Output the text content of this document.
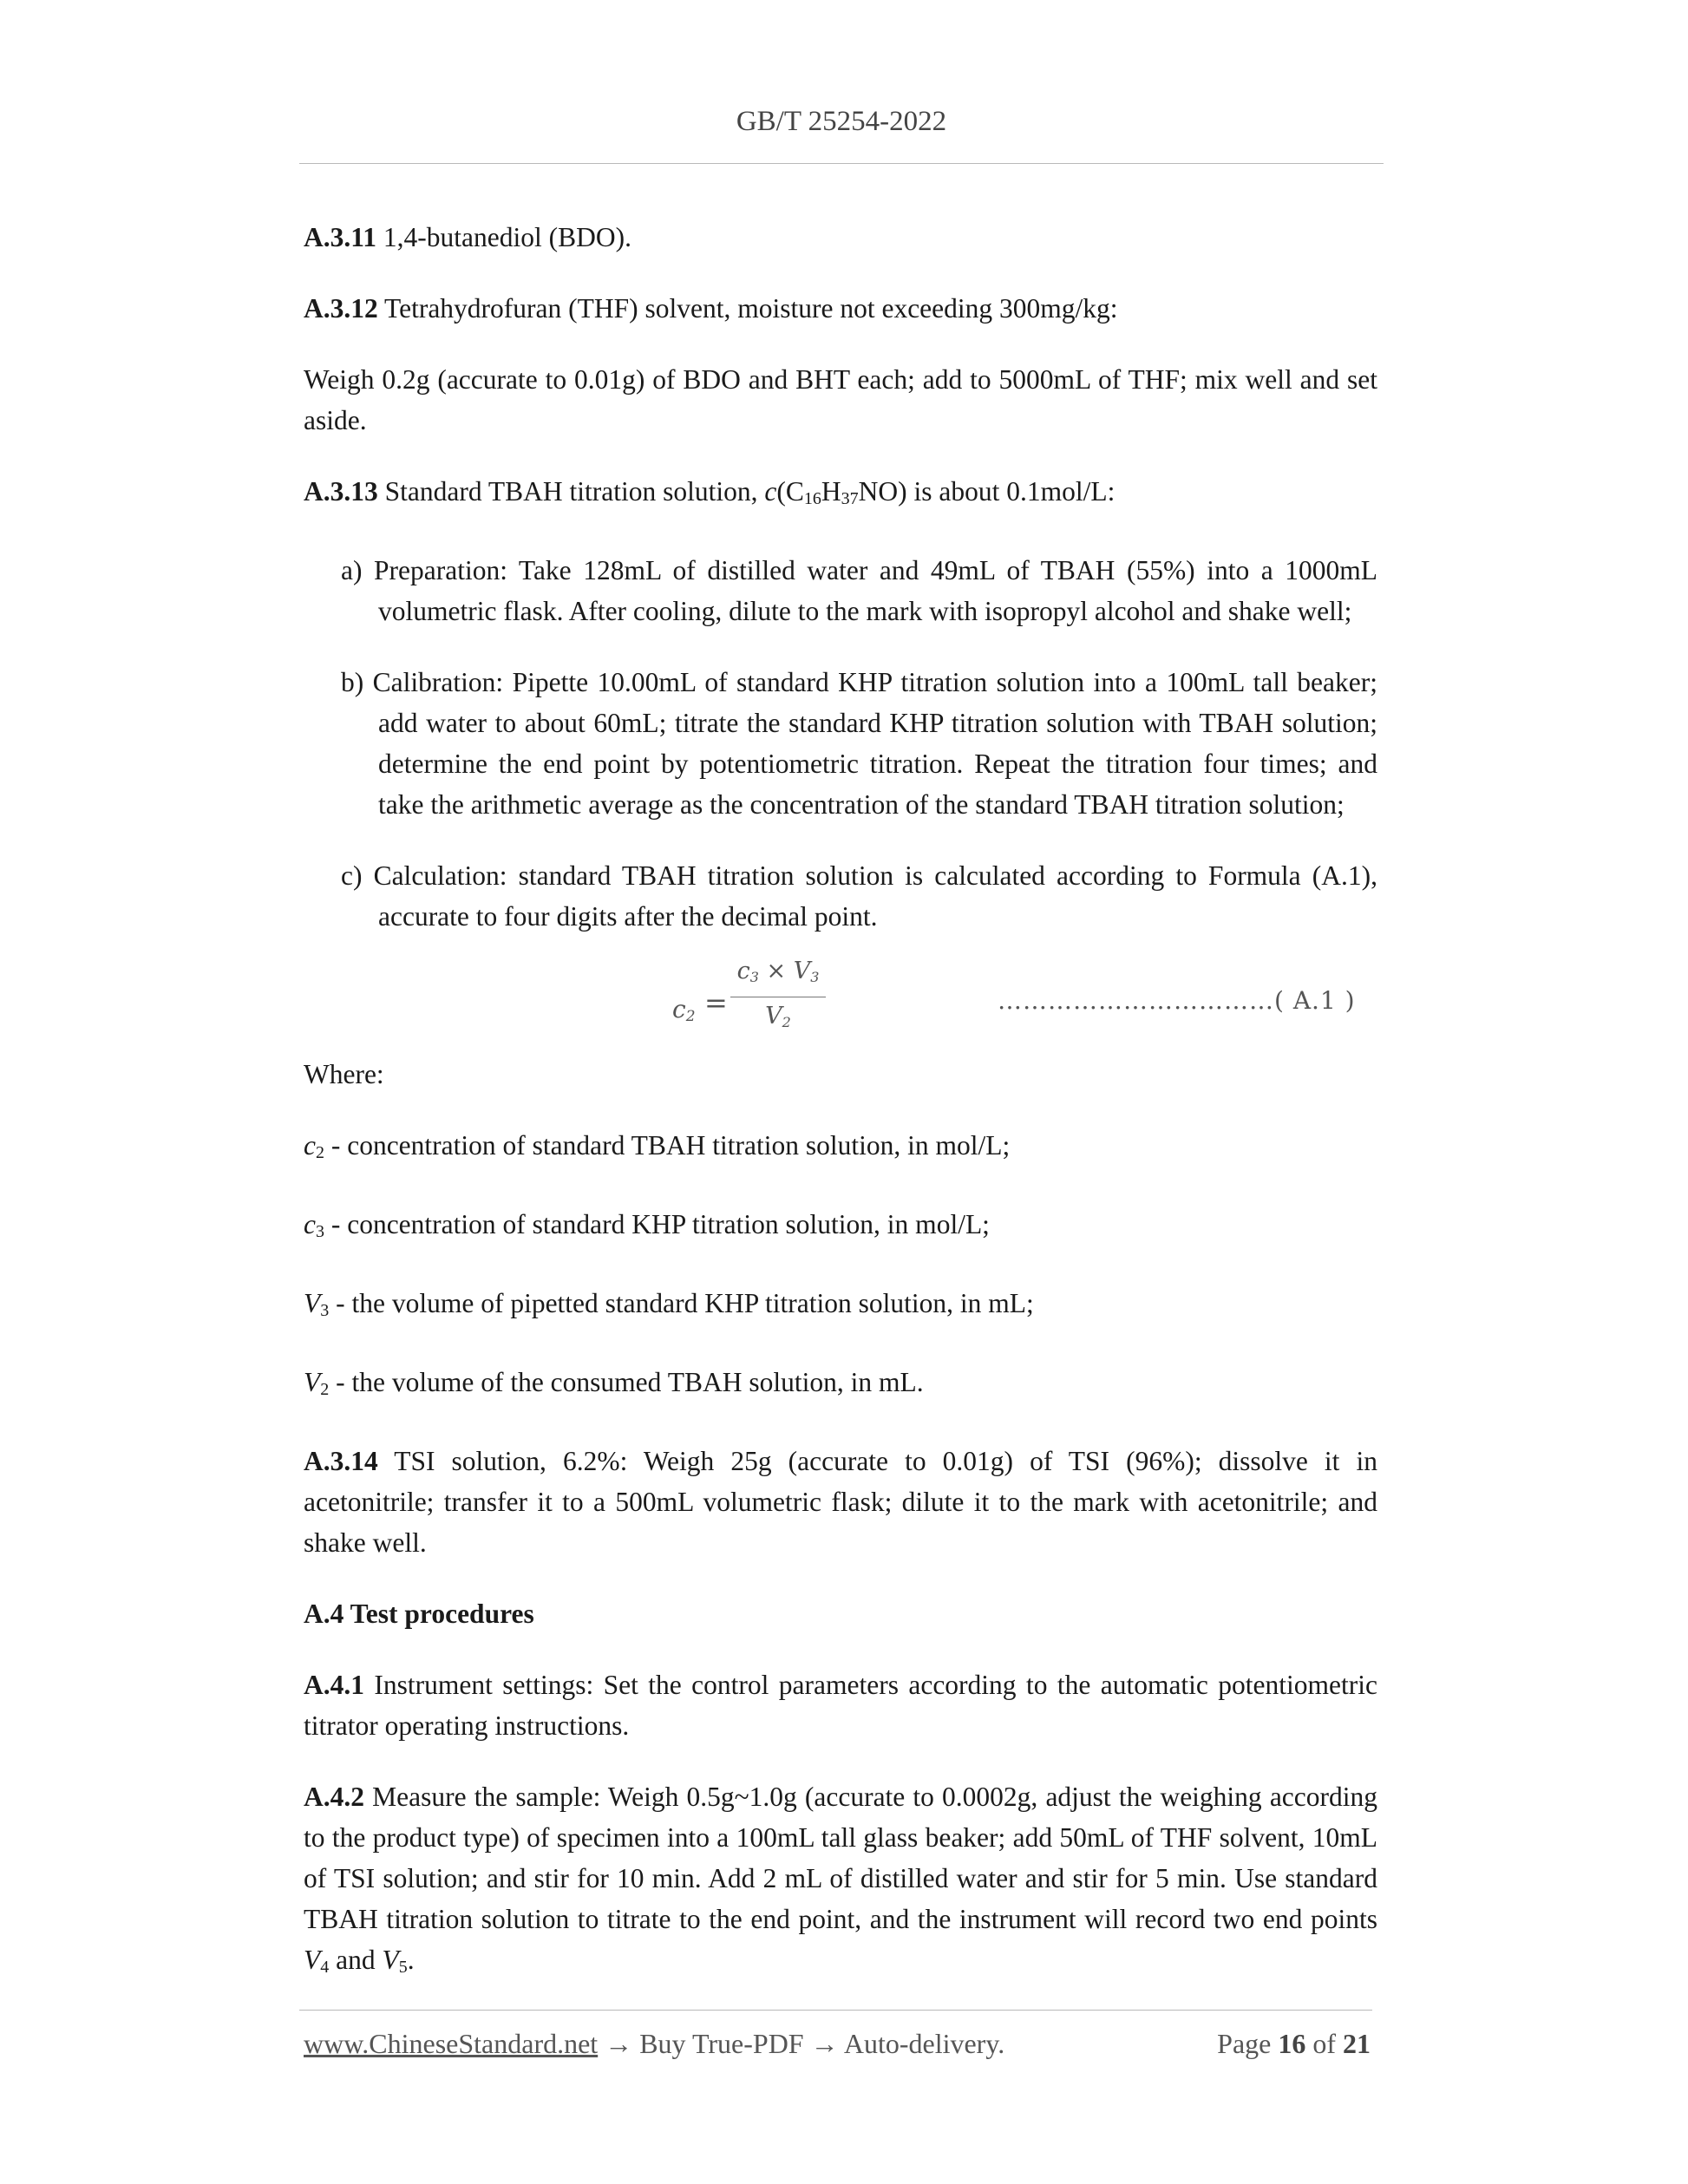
GB/T 25254-2022

A.3.11 1,4-butanediol (BDO).

A.3.12 Tetrahydrofuran (THF) solvent, moisture not exceeding 300mg/kg:

Weigh 0.2g (accurate to 0.01g) of BDO and BHT each; add to 5000mL of THF; mix well and set aside.

A.3.13 Standard TBAH titration solution, $c(C_{16}H_{37}NO)$ is about 0.1mol/L:

a) Preparation: Take 128mL of distilled water and 49mL of TBAH (55%) into a 1000mL volumetric flask. After cooling, dilute to the mark with isopropyl alcohol and shake well;

b) Calibration: Pipette 10.00mL of standard KHP titration solution into a 100mL tall beaker; add water to about 60mL; titrate the standard KHP titration solution with TBAH solution; determine the end point by potentiometric titration. Repeat the titration four times; and take the arithmetic average as the concentration of the standard TBAH titration solution;

c) Calculation: standard TBAH titration solution is calculated according to Formula (A.1), accurate to four digits after the decimal point.

$c_2$ =
$c_3 \times V_3$
$V_2$
……………………………( A.1 )

Where:

$c_2$ - concentration of standard TBAH titration solution, in mol/L;

$c_3$ - concentration of standard KHP titration solution, in mol/L;

$V_3$ - the volume of pipetted standard KHP titration solution, in mL;

$V_2$ - the volume of the consumed TBAH solution, in mL.

A.3.14 TSI solution, 6.2%: Weigh 25g (accurate to 0.01g) of TSI (96%); dissolve it in acetonitrile; transfer it to a 500mL volumetric flask; dilute it to the mark with acetonitrile; and shake well.

A.4 Test procedures

A.4.1 Instrument settings: Set the control parameters according to the automatic potentiometric titrator operating instructions.

A.4.2 Measure the sample: Weigh 0.5g~1.0g (accurate to 0.0002g, adjust the weighing according to the product type) of specimen into a 100mL tall glass beaker; add 50mL of THF solvent, 10mL of TSI solution; and stir for 10 min. Add 2 mL of distilled water and stir for 5 min. Use standard TBAH titration solution to titrate to the end point, and the instrument will record two end points $V_4$ and $V_5$.

www.ChineseStandard.net → Buy True-PDF → Auto-delivery.	Page 16 of 21
